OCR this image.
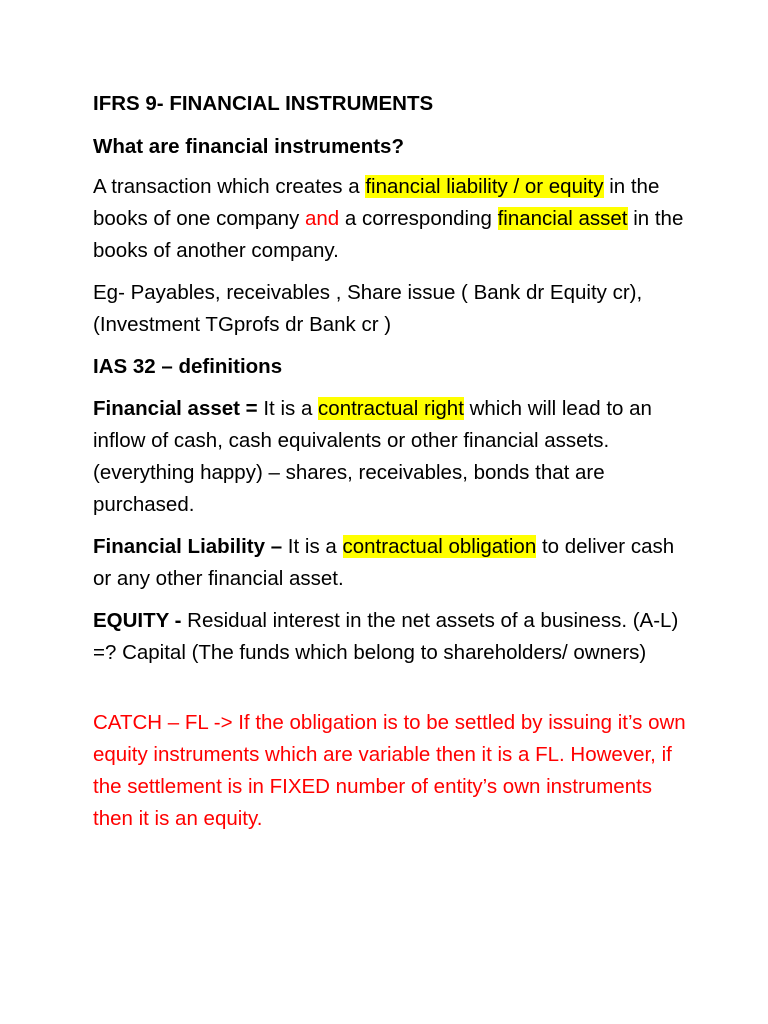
IFRS 9- FINANCIAL INSTRUMENTS

What are financial instruments?

A transaction which creates a financial liability / or equity in the books of one company and a corresponding financial asset in the books of another company.

Eg- Payables, receivables , Share issue ( Bank dr Equity cr), (Investment TGprofs dr Bank cr )

IAS 32 – definitions

Financial asset = It is a contractual right which will lead to an inflow of cash, cash equivalents or other financial assets. (everything happy) – shares, receivables, bonds that are purchased.

Financial Liability – It is a contractual obligation to deliver cash or any other financial asset.

EQUITY - Residual interest in the net assets of a business. (A-L) =? Capital (The funds which belong to shareholders/ owners)

CATCH – FL -> If the obligation is to be settled by issuing it’s own equity instruments which are variable then it is a FL. However, if the settlement is in FIXED number of entity’s own instruments then it is an equity.
